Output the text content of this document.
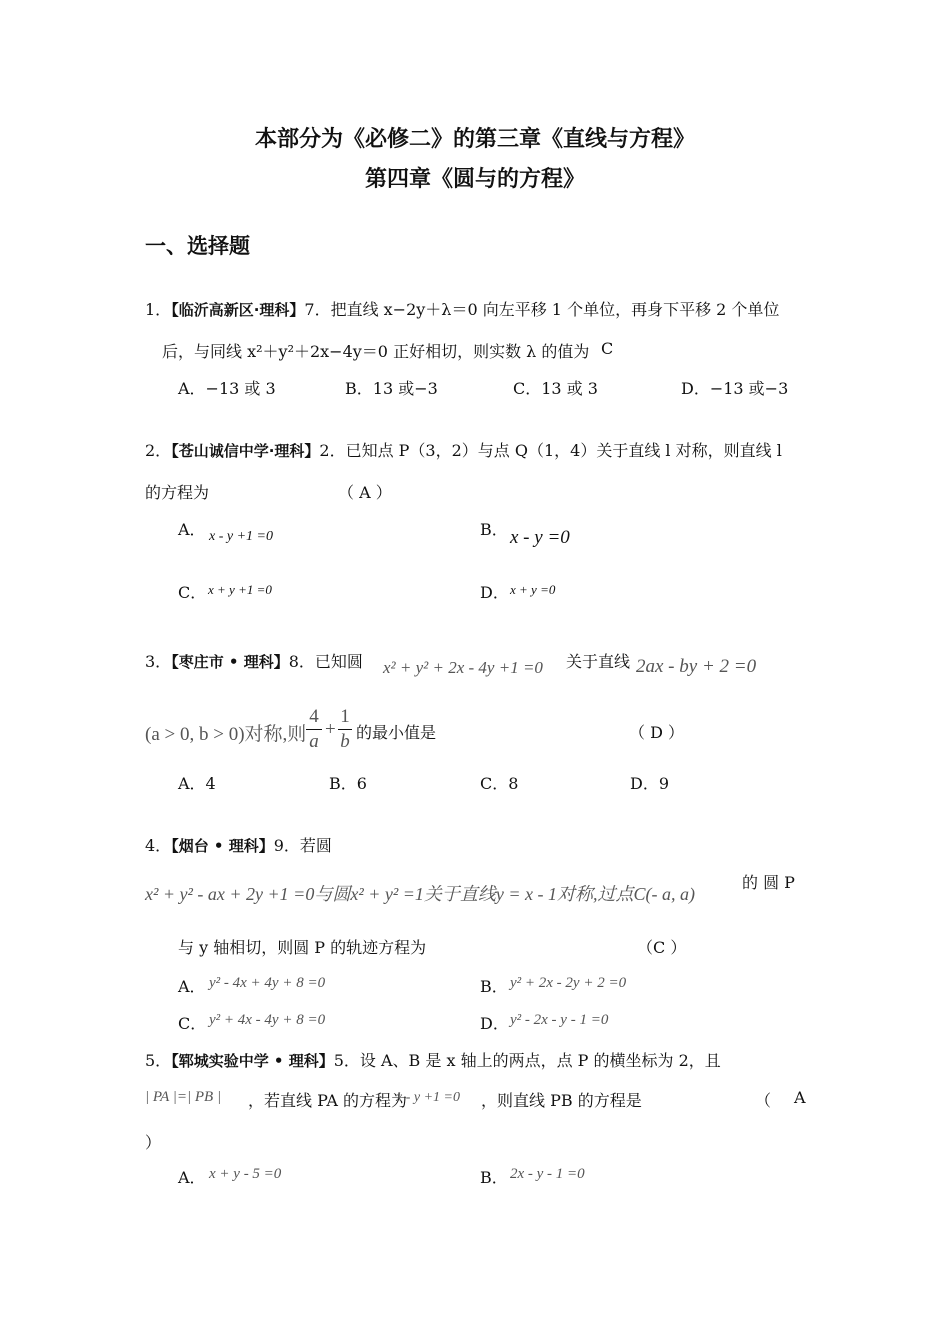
本部分为《必修二》的第三章《直线与方程》
第四章《圆与的方程》
一、选择题
1．【临沂高新区·理科】7．把直线 x−2y＋λ＝0 向左平移 1 个单位，再身下平移 2 个单位
后，与同线 x²＋y²＋2x−4y＝0 正好相切，则实数 λ 的值为 C
A．−13 或 3	B．13 或−3	C．13 或 3	D．−13 或−3
2．【苍山诚信中学·理科】2．已知点 P（3，2）与点 Q（1，4）关于直线 l 对称，则直线 l
的方程为	（ A ）
A． x - y +1 =0	B． x - y =0
C． x + y +1 =0	D． x + y =0
3．【枣庄市 • 理科】8．已知圆 x² + y² + 2x - 4y +1 =0 关于直线 2ax - by + 2 =0
(a > 0, b > 0)对称,则
4
a
+
1
b 的最小值是	（ D ）
A．4	B．6	C．8	D．9
4．【烟台 • 理科】9．若圆
x² + y² - ax + 2y +1 =0与圆x² + y² =1关于直线y = x - 1对称,过点C(- a, a)
的 圆 P
与 y 轴相切，则圆 P 的轨迹方程为	（C ）
A． y² - 4x + 4y + 8 =0	B． y² + 2x - 2y + 2 =0
C． y² + 4x - 4y + 8 =0	D． y² - 2x - y - 1 =0
5．【郓城实验中学 • 理科】5．设 A、B 是 x 轴上的两点，点 P 的横坐标为 2，且
| PA |=| PB | ，若直线 PA 的方程为
x - y +1 =0 ，则直线 PB 的方程是	（ A
）
A． x + y - 5 =0	B． 2x - y - 1 =0
